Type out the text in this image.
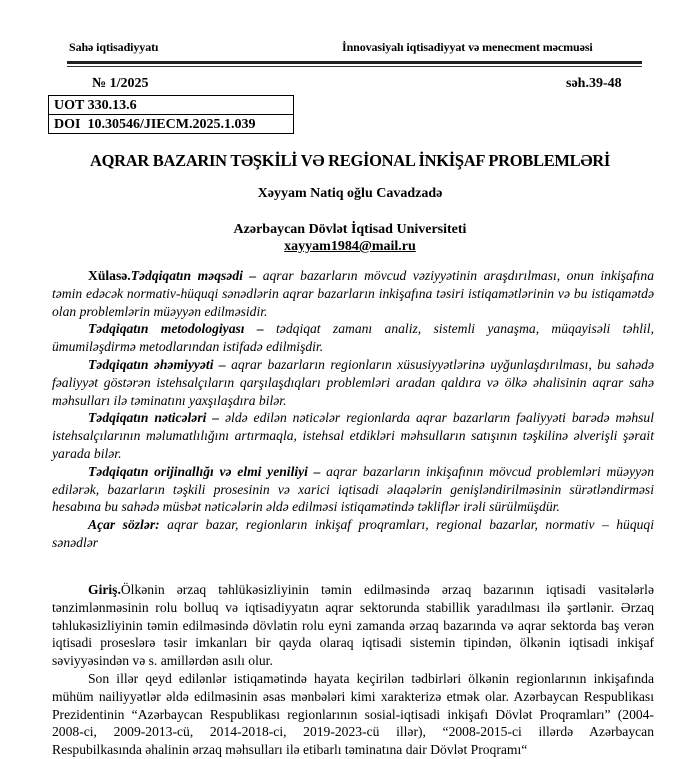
Sahə iqtisadiyyatı	İnnovasiyalı iqtisadiyyat və menecment məcmuəsi
№ 1/2025	səh.39-48
UOT 330.13.6
DOI  10.30546/JIECM.2025.1.039
AQRAR BAZARIN TƏŞKİLİ VƏ REGİONAL İNKİŞAF PROBLEMLƏRİ
Xəyyam Natiq oğlu Cavadzadə
Azərbaycan Dövlət İqtisad Universiteti
xayyam1984@mail.ru

Xülasə.Tədqiqatın məqsədi – aqrar bazarların mövcud vəziyyətinin araşdırılması, onun inkişafına təmin edəcək normativ-hüquqi sənədlərin aqrar bazarların inkişafına təsiri istiqamətlərinin və bu istiqamətdə olan problemlərin müəyyən edilməsidir.

Tədqiqatın metodologiyası – tədqiqat zamanı analiz, sistemli yanaşma, müqayisəli təhlil, ümumiləşdirmə metodlarından istifadə edilmişdir.

Tədqiqatın əhəmiyyəti – aqrar bazarların regionların xüsusiyyətlərinə uyğunlaşdırılması, bu sahədə fəaliyyət göstərən istehsalçıların qarşılaşdıqları problemləri aradan qaldıra və ölkə əhalisinin aqrar sahə məhsulları ilə təminatını yaxşılaşdıra bilər.

Tədqiqatın nəticələri – əldə edilən nəticələr regionlarda aqrar bazarların fəaliyyəti barədə məhsul istehsalçılarının məlumatlılığını artırmaqla, istehsal etdikləri məhsulların satışının təşkilinə əlverişli şərait yarada bilər.

Tədqiqatın orijinallığı və elmi yeniliyi – aqrar bazarların inkişafının mövcud problemləri müəyyən edilərək, bazarların təşkili prosesinin və xarici iqtisadi əlaqələrin genişləndirilməsinin sürətləndirməsi hesabına bu sahədə müsbət nəticələrin əldə edilməsi istiqamətində təkliflər irəli sürülmüşdür.

Açar sözlər: aqrar bazar, regionların inkişaf proqramları, regional bazarlar, normativ – hüquqi sənədlər

Giriş.Ölkənin ərzaq təhlükəsizliyinin təmin edilməsində ərzaq bazarının iqtisadi vasitələrlə tənzimlənməsinin rolu bolluq və iqtisadiyyatın aqrar sektorunda stabillik yaradılması ilə şərtlənir. Ərzaq təhlukəsizliyinin təmin edilməsində dövlətin rolu eyni zamanda ərzaq bazarında və aqrar sektorda baş verən iqtisadi proseslərə təsir imkanları bir qayda olaraq iqtisadi sistemin tipindən, ölkənin iqtisadi inkişaf səviyyəsindən və s. amillərdən asılı olur.

Son illər qeyd edilənlər istiqamətində hayata keçirilən tədbirləri ölkənin regionlarının inkişafında mühüm nailiyyətlər əldə edilməsinin əsas mənbələri kimi xarakterizə etmək olar. Azərbaycan Respublikası Prezidentinin “Azərbaycan Respublikası regionlarının sosial-iqtisadi inkişafı Dövlət Proqramları” (2004-2008-ci, 2009-2013-cü, 2014-2018-ci, 2019-2023-cü illər), “2008-2015-ci illərdə Azərbaycan Respubilkasında əhalinin ərzaq məhsulları ilə etibarlı təminatına dair Dövlət Proqramı“
